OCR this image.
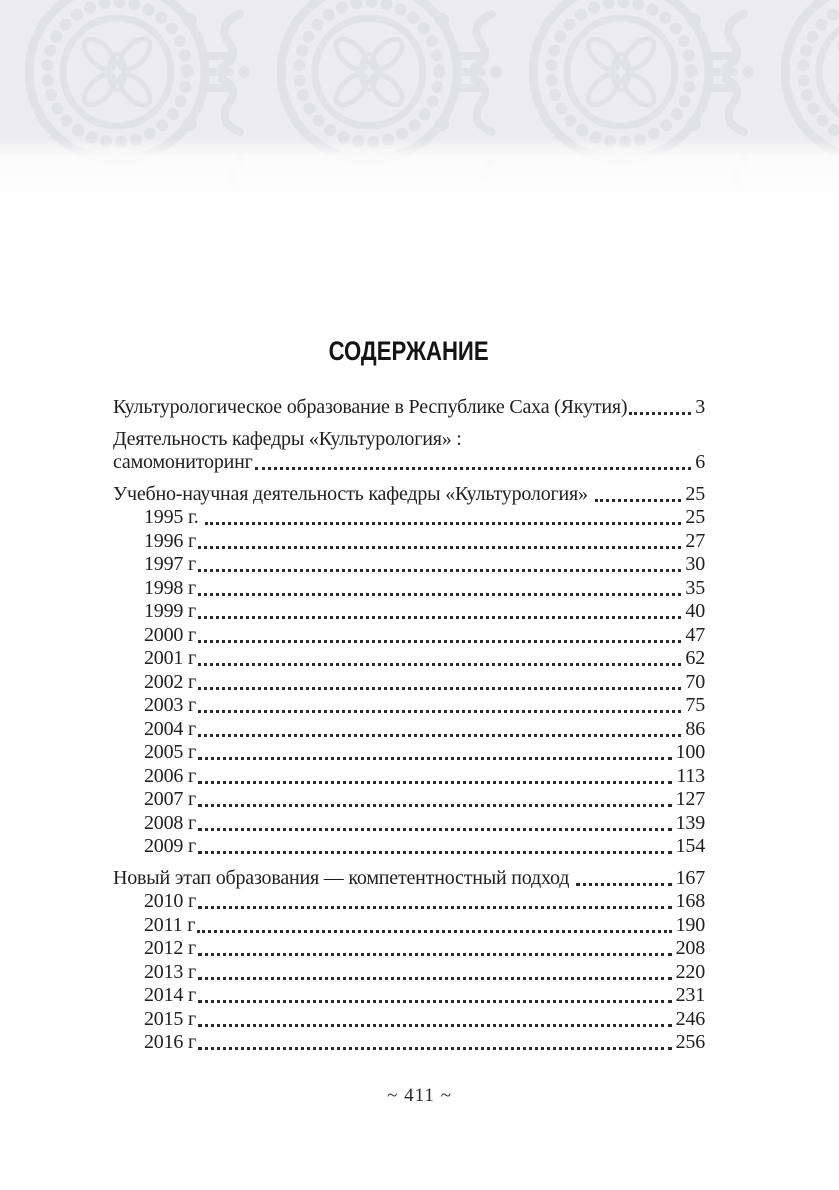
СОДЕРЖАНИЕ
Культурологическое образование в Республике Саха (Якутия)	3
Деятельность кафедры «Культурология» :
самомониторинг	6
Учебно-научная деятельность кафедры «Культурология»	25
1995 г.	25
1996 г	27
1997 г	30
1998 г	35
1999 г	40
2000 г	47
2001 г	62
2002 г	70
2003 г	75
2004 г	86
2005 г	100
2006 г	113
2007 г	127
2008 г	139
2009 г	154
Новый этап образования — компетентностный подход	167
2010 г	168
2011 г	190
2012 г	208
2013 г	220
2014 г	231
2015 г	246
2016 г	256
~ 411 ~
